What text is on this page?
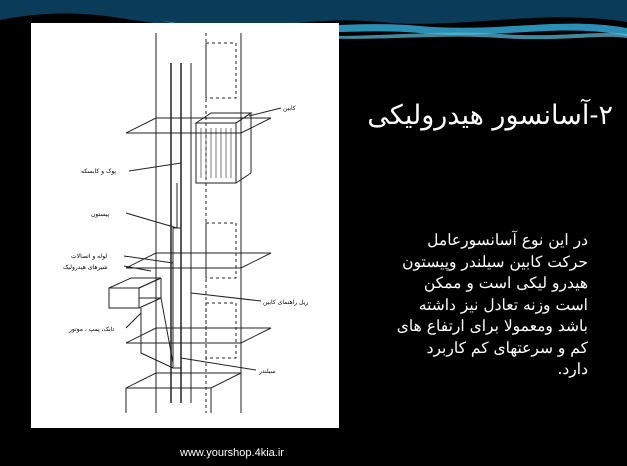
کابین
پوک و کابسکه
پیستون
لوله و اتصالات
شیرهای هیدرولیک
ریل راهنمای کابین
تانک، پمپ ، موتور
سیلندر
۲-آسانسور هیدرولیکی
در این نوع آسانسورعامل
حرکت کابین سیلندر وپیستون
هیدرو لیکی است و ممکن
است وزنه تعادل نیز داشته
باشد ومعمولا برای ارتفاع های
کم و سرعتهای کم کاربرد
دارد.
www.yourshop.4kia.ir
